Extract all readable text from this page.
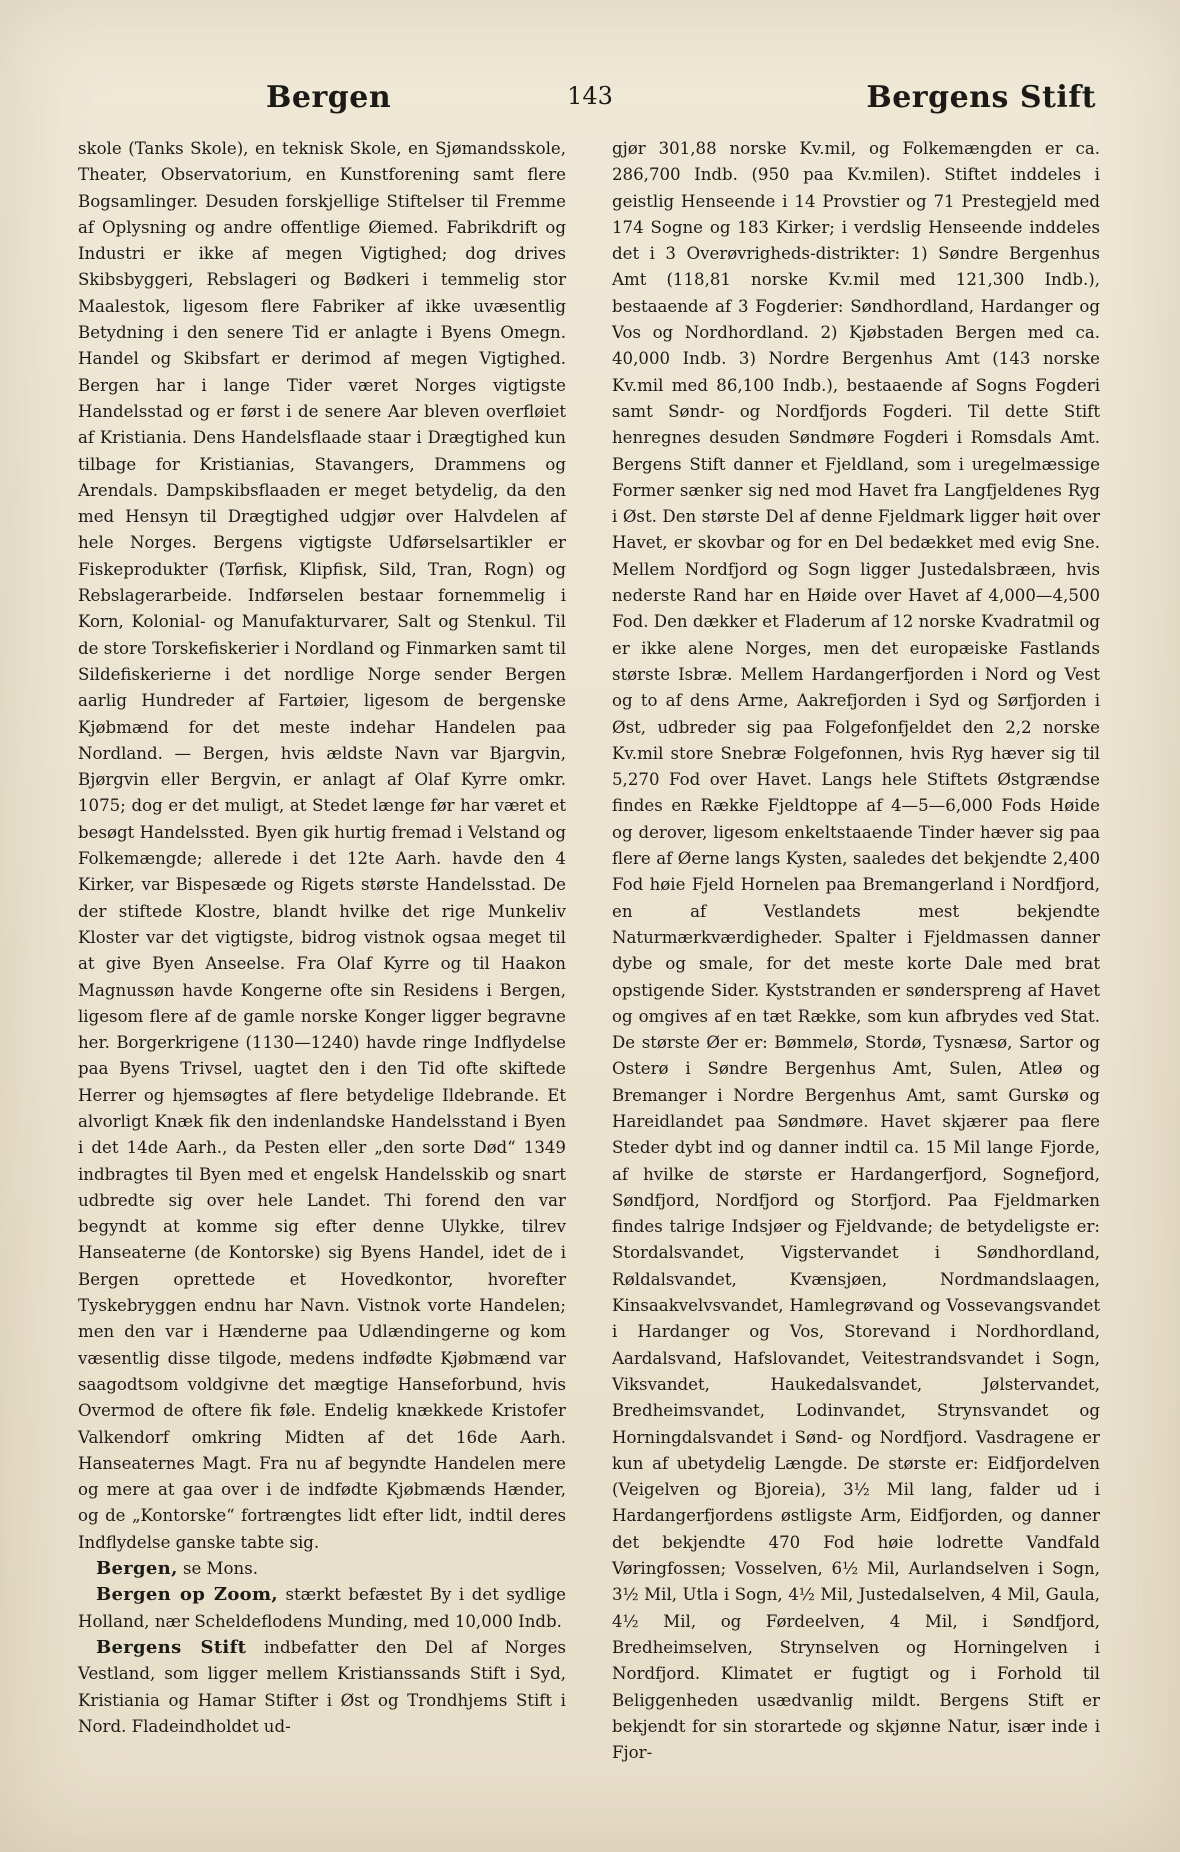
Bergen	143	Bergens Stift

skole (Tanks Skole), en teknisk Skole, en Sjømandsskole, Theater, Observatorium, en Kunstforening samt flere Bogsamlinger. Desuden forskjellige Stiftelser til Fremme af Oplysning og andre offentlige Øiemed. Fabrikdrift og Industri er ikke af megen Vigtighed; dog drives Skibsbyggeri, Rebslageri og Bødkeri i temmelig stor Maalestok, ligesom flere Fabriker af ikke uvæsentlig Betydning i den senere Tid er anlagte i Byens Omegn. Handel og Skibsfart er derimod af megen Vigtighed. Bergen har i lange Tider været Norges vigtigste Handelsstad og er først i de senere Aar bleven overfløiet af Kristiania. Dens Handelsflaade staar i Drægtighed kun tilbage for Kristianias, Stavangers, Drammens og Arendals. Dampskibsflaaden er meget betydelig, da den med Hensyn til Drægtighed udgjør over Halvdelen af hele Norges. Bergens vigtigste Udførselsartikler er Fiskeprodukter (Tørfisk, Klipfisk, Sild, Tran, Rogn) og Rebslagerarbeide. Indførselen bestaar fornemmelig i Korn, Kolonial- og Manufakturvarer, Salt og Stenkul. Til de store Torskefiskerier i Nordland og Finmarken samt til Sildefiskerierne i det nordlige Norge sender Bergen aarlig Hundreder af Fartøier, ligesom de bergenske Kjøbmænd for det meste indehar Handelen paa Nordland. — Bergen, hvis ældste Navn var Bjargvin, Bjørgvin eller Bergvin, er anlagt af Olaf Kyrre omkr. 1075; dog er det muligt, at Stedet længe før har været et besøgt Handelssted. Byen gik hurtig fremad i Velstand og Folkemængde; allerede i det 12te Aarh. havde den 4 Kirker, var Bispesæde og Rigets største Handelsstad. De der stiftede Klostre, blandt hvilke det rige Munkeliv Kloster var det vigtigste, bidrog vistnok ogsaa meget til at give Byen Anseelse. Fra Olaf Kyrre og til Haakon Magnussøn havde Kongerne ofte sin Residens i Bergen, ligesom flere af de gamle norske Konger ligger begravne her. Borgerkrigene (1130—1240) havde ringe Indflydelse paa Byens Trivsel, uagtet den i den Tid ofte skiftede Herrer og hjemsøgtes af flere betydelige Ildebrande. Et alvorligt Knæk fik den indenlandske Handelsstand i Byen i det 14de Aarh., da Pesten eller „den sorte Død“ 1349 indbragtes til Byen med et engelsk Handelsskib og snart udbredte sig over hele Landet. Thi forend den var begyndt at komme sig efter denne Ulykke, tilrev Hanseaterne (de Kontorske) sig Byens Handel, idet de i Bergen oprettede et Hovedkontor, hvorefter Tyskebryggen endnu har Navn. Vistnok vorte Handelen; men den var i Hænderne paa Udlændingerne og kom væsentlig disse tilgode, medens indfødte Kjøbmænd var saagodtsom voldgivne det mægtige Hanseforbund, hvis Overmod de oftere fik føle. Endelig knækkede Kristofer Valkendorf omkring Midten af det 16de Aarh. Hanseaternes Magt. Fra nu af begyndte Handelen mere og mere at gaa over i de indfødte Kjøbmænds Hænder, og de „Kontorske“ fortrængtes lidt efter lidt, indtil deres Indflydelse ganske tabte sig.

Bergen, se Mons.

Bergen op Zoom, stærkt befæstet By i det sydlige Holland, nær Scheldeflodens Munding, med 10,000 Indb.

Bergens Stift indbefatter den Del af Norges Vestland, som ligger mellem Kristianssands Stift i Syd, Kristiania og Hamar Stifter i Øst og Trondhjems Stift i Nord. Fladeindholdet ud-

gjør 301,88 norske Kv.mil, og Folkemængden er ca. 286,700 Indb. (950 paa Kv.milen). Stiftet inddeles i geistlig Henseende i 14 Provstier og 71 Prestegjeld med 174 Sogne og 183 Kirker; i verdslig Henseende inddeles det i 3 Overøvrigheds-distrikter: 1) Søndre Bergenhus Amt (118,81 norske Kv.mil med 121,300 Indb.), bestaaende af 3 Fogderier: Søndhordland, Hardanger og Vos og Nordhordland. 2) Kjøbstaden Bergen med ca. 40,000 Indb. 3) Nordre Bergenhus Amt (143 norske Kv.mil med 86,100 Indb.), bestaaende af Sogns Fogderi samt Søndr- og Nordfjords Fogderi. Til dette Stift henregnes desuden Søndmøre Fogderi i Romsdals Amt. Bergens Stift danner et Fjeldland, som i uregelmæssige Former sænker sig ned mod Havet fra Langfjeldenes Ryg i Øst. Den største Del af denne Fjeldmark ligger høit over Havet, er skovbar og for en Del bedækket med evig Sne. Mellem Nordfjord og Sogn ligger Justedalsbræen, hvis nederste Rand har en Høide over Havet af 4,000—4,500 Fod. Den dækker et Fladerum af 12 norske Kvadratmil og er ikke alene Norges, men det europæiske Fastlands største Isbræ. Mellem Hardangerfjorden i Nord og Vest og to af dens Arme, Aakrefjorden i Syd og Sørfjorden i Øst, udbreder sig paa Folgefonfjeldet den 2,2 norske Kv.mil store Snebræ Folgefonnen, hvis Ryg hæver sig til 5,270 Fod over Havet. Langs hele Stiftets Østgrændse findes en Række Fjeldtoppe af 4—5—6,000 Fods Høide og derover, ligesom enkeltstaaende Tinder hæver sig paa flere af Øerne langs Kysten, saaledes det bekjendte 2,400 Fod høie Fjeld Hornelen paa Bremangerland i Nordfjord, en af Vestlandets mest bekjendte Naturmærkværdigheder. Spalter i Fjeldmassen danner dybe og smale, for det meste korte Dale med brat opstigende Sider. Kyststranden er sønderspreng af Havet og omgives af en tæt Række, som kun afbrydes ved Stat. De største Øer er: Bømmelø, Stordø, Tysnæsø, Sartor og Osterø i Søndre Bergenhus Amt, Sulen, Atleø og Bremanger i Nordre Bergenhus Amt, samt Gurskø og Hareidlandet paa Søndmøre. Havet skjærer paa flere Steder dybt ind og danner indtil ca. 15 Mil lange Fjorde, af hvilke de største er Hardangerfjord, Sognefjord, Søndfjord, Nordfjord og Storfjord. Paa Fjeldmarken findes talrige Indsjøer og Fjeldvande; de betydeligste er: Stordalsvandet, Vigstervandet i Søndhordland, Røldalsvandet, Kvænsjøen, Nordmandslaagen, Kinsaakvelvsvandet, Hamlegrøvand og Vossevangsvandet i Hardanger og Vos, Storevand i Nordhordland, Aardalsvand, Hafslovandet, Veitestrandsvandet i Sogn, Viksvandet, Haukedalsvandet, Jølstervandet, Bredheimsvandet, Lodinvandet, Strynsvandet og Horningdalsvandet i Sønd- og Nordfjord. Vasdragene er kun af ubetydelig Længde. De største er: Eidfjordelven (Veigelven og Bjoreia), 3½ Mil lang, falder ud i Hardangerfjordens østligste Arm, Eidfjorden, og danner det bekjendte 470 Fod høie lodrette Vandfald Vøringfossen; Vosselven, 6½ Mil, Aurlandselven i Sogn, 3½ Mil, Utla i Sogn, 4½ Mil, Justedalselven, 4 Mil, Gaula, 4½ Mil, og Førdeelven, 4 Mil, i Søndfjord, Bredheimselven, Strynselven og Horningelven i Nordfjord. Klimatet er fugtigt og i Forhold til Beliggenheden usædvanlig mildt. Bergens Stift er bekjendt for sin storartede og skjønne Natur, især inde i Fjor-
